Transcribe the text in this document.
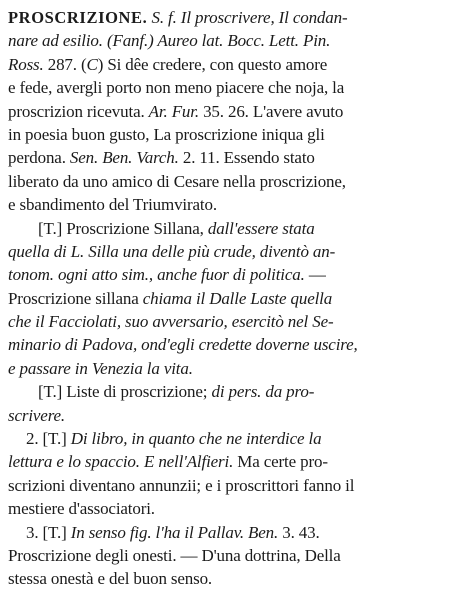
PROSCRIZIONE. S. f. Il proscrivere, Il condan-
nare ad esilio. (Fanf.) Aureo lat. Bocc. Lett. Pin.
Ross. 287. (C) Si dêe credere, con questo amore
e fede, avergli porto non meno piacere che noja, la
proscrizion ricevuta. Ar. Fur. 35. 26. L'avere avuto
in poesia buon gusto, La proscrizione iniqua gli
perdona. Sen. Ben. Varch. 2. 11. Essendo stato
liberato da uno amico di Cesare nella proscrizione,
e sbandimento del Triumvirato.
[T.] Proscrizione Sillana, dall'essere stata
quella di L. Silla una delle più crude, diventò an-
tonom. ogni atto sim., anche fuor di politica. —
Proscrizione sillana chiama il Dalle Laste quella
che il Facciolati, suo avversario, esercitò nel Se-
minario di Padova, ond'egli credette doverne uscire,
e passare in Venezia la vita.
[T.] Liste di proscrizione; di pers. da pro-
scrivere.
2. [T.] Di libro, in quanto che ne interdice la
lettura e lo spaccio. E nell'Alfieri. Ma certe pro-
scrizioni diventano annunzii; e i proscrittori fanno il
mestiere d'associatori.
3. [T.] In senso fig. l'ha il Pallav. Ben. 3. 43.
Proscrizione degli onesti. — D'una dottrina, Della
stessa onestà e del buon senso.
